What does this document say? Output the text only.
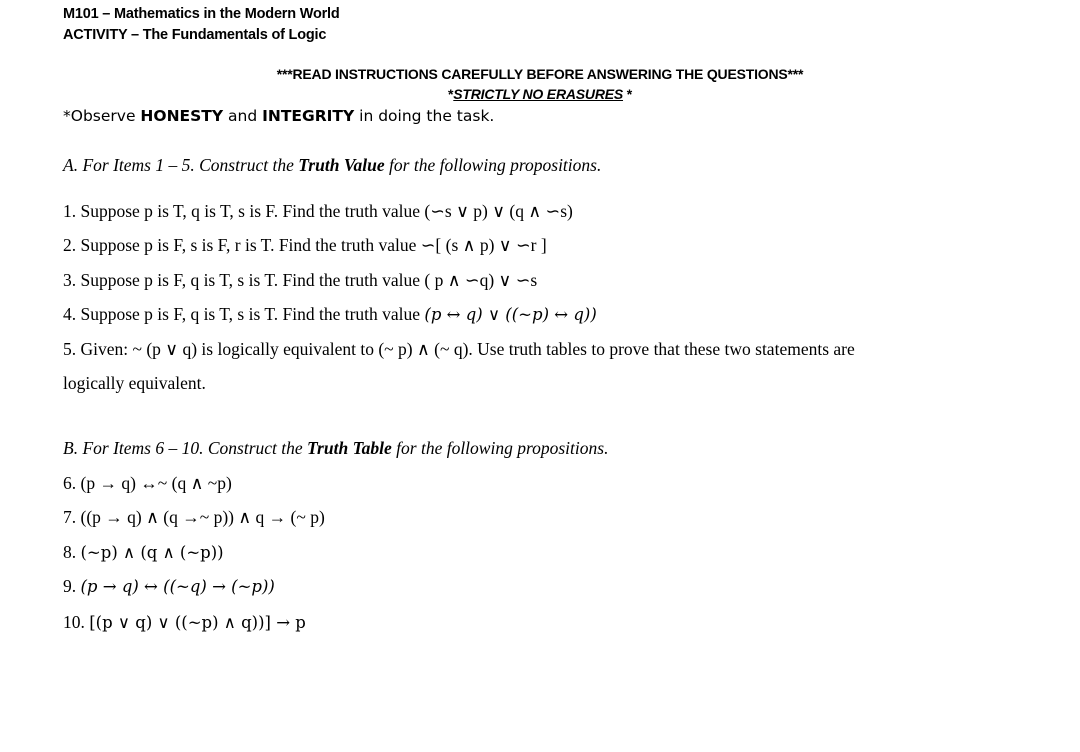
M101 – Mathematics in the Modern World
ACTIVITY – The Fundamentals of Logic
***READ INSTRUCTIONS CAREFULLY BEFORE ANSWERING THE QUESTIONS***
*STRICTLY NO ERASURES *
*Observe HONESTY and INTEGRITY in doing the task.
A. For Items 1 – 5. Construct the Truth Value for the following propositions.
1. Suppose p is T, q is T, s is F. Find the truth value (∽s ∨ p) ∨ (q ∧ ∽s)
2. Suppose p is F, s is F, r is T. Find the truth value ∽[ (s ∧ p) ∨ ∽r ]
3. Suppose p is F, q is T, s is T. Find the truth value ( p ∧ ∽q) ∨ ∽s
4. Suppose p is F, q is T, s is T. Find the truth value (p ↔ q) ∨ ((~p) ↔ q))
5. Given: ~ (p ∨ q) is logically equivalent to (~ p) ∧ (~ q). Use truth tables to prove that these two statements are
logically equivalent.
B. For Items 6 – 10. Construct the Truth Table for the following propositions.
6. (p → q) ↔~ (q ∧ ~p)
7. ((p → q) ∧ (q →~ p)) ∧ q → (~ p)
8. (~p) ∧ (q ∧ (~p))
9. (p → q) ↔ ((~q) → (~p))
10. [(p ∨ q) ∨ ((~p) ∧ q))] → p
